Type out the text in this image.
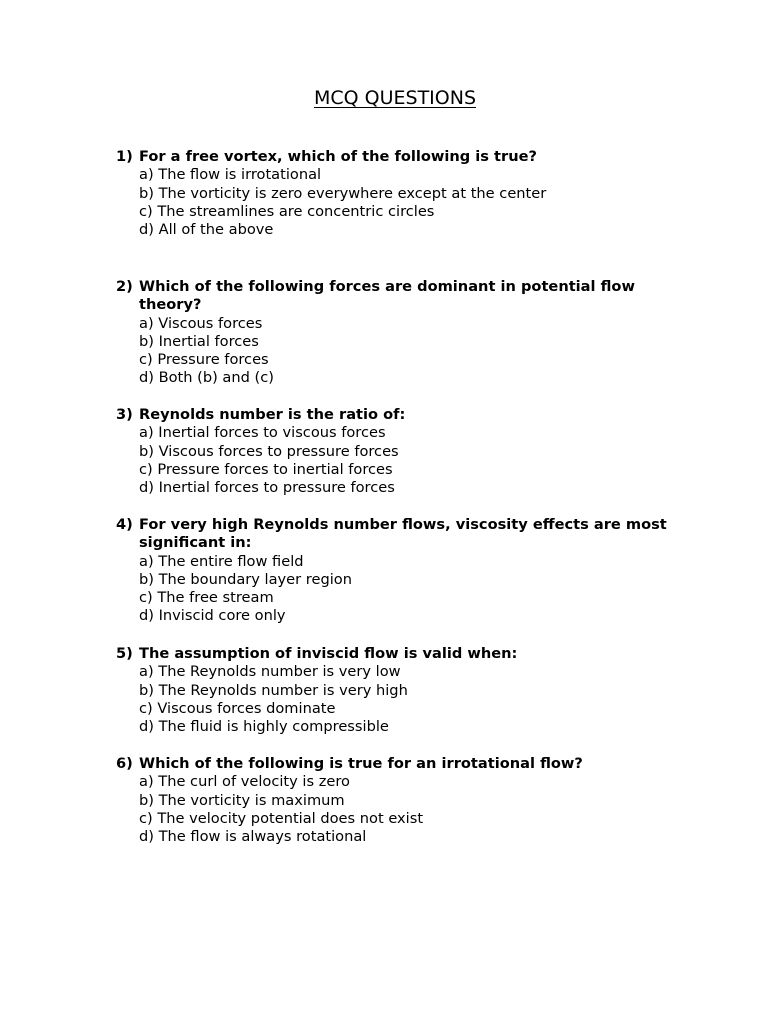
MCQ QUESTIONS
1) For a free vortex, which of the following is true?
a) The flow is irrotational
b) The vorticity is zero everywhere except at the center
c) The streamlines are concentric circles
d) All of the above
2) Which of the following forces are dominant in potential flow theory?
a) Viscous forces
b) Inertial forces
c) Pressure forces
d) Both (b) and (c)
3) Reynolds number is the ratio of:
a) Inertial forces to viscous forces
b) Viscous forces to pressure forces
c) Pressure forces to inertial forces
d) Inertial forces to pressure forces
4) For very high Reynolds number flows, viscosity effects are most significant in:
a) The entire flow field
b) The boundary layer region
c) The free stream
d) Inviscid core only
5) The assumption of inviscid flow is valid when:
a) The Reynolds number is very low
b) The Reynolds number is very high
c) Viscous forces dominate
d) The fluid is highly compressible
6) Which of the following is true for an irrotational flow?
a) The curl of velocity is zero
b) The vorticity is maximum
c) The velocity potential does not exist
d) The flow is always rotational
